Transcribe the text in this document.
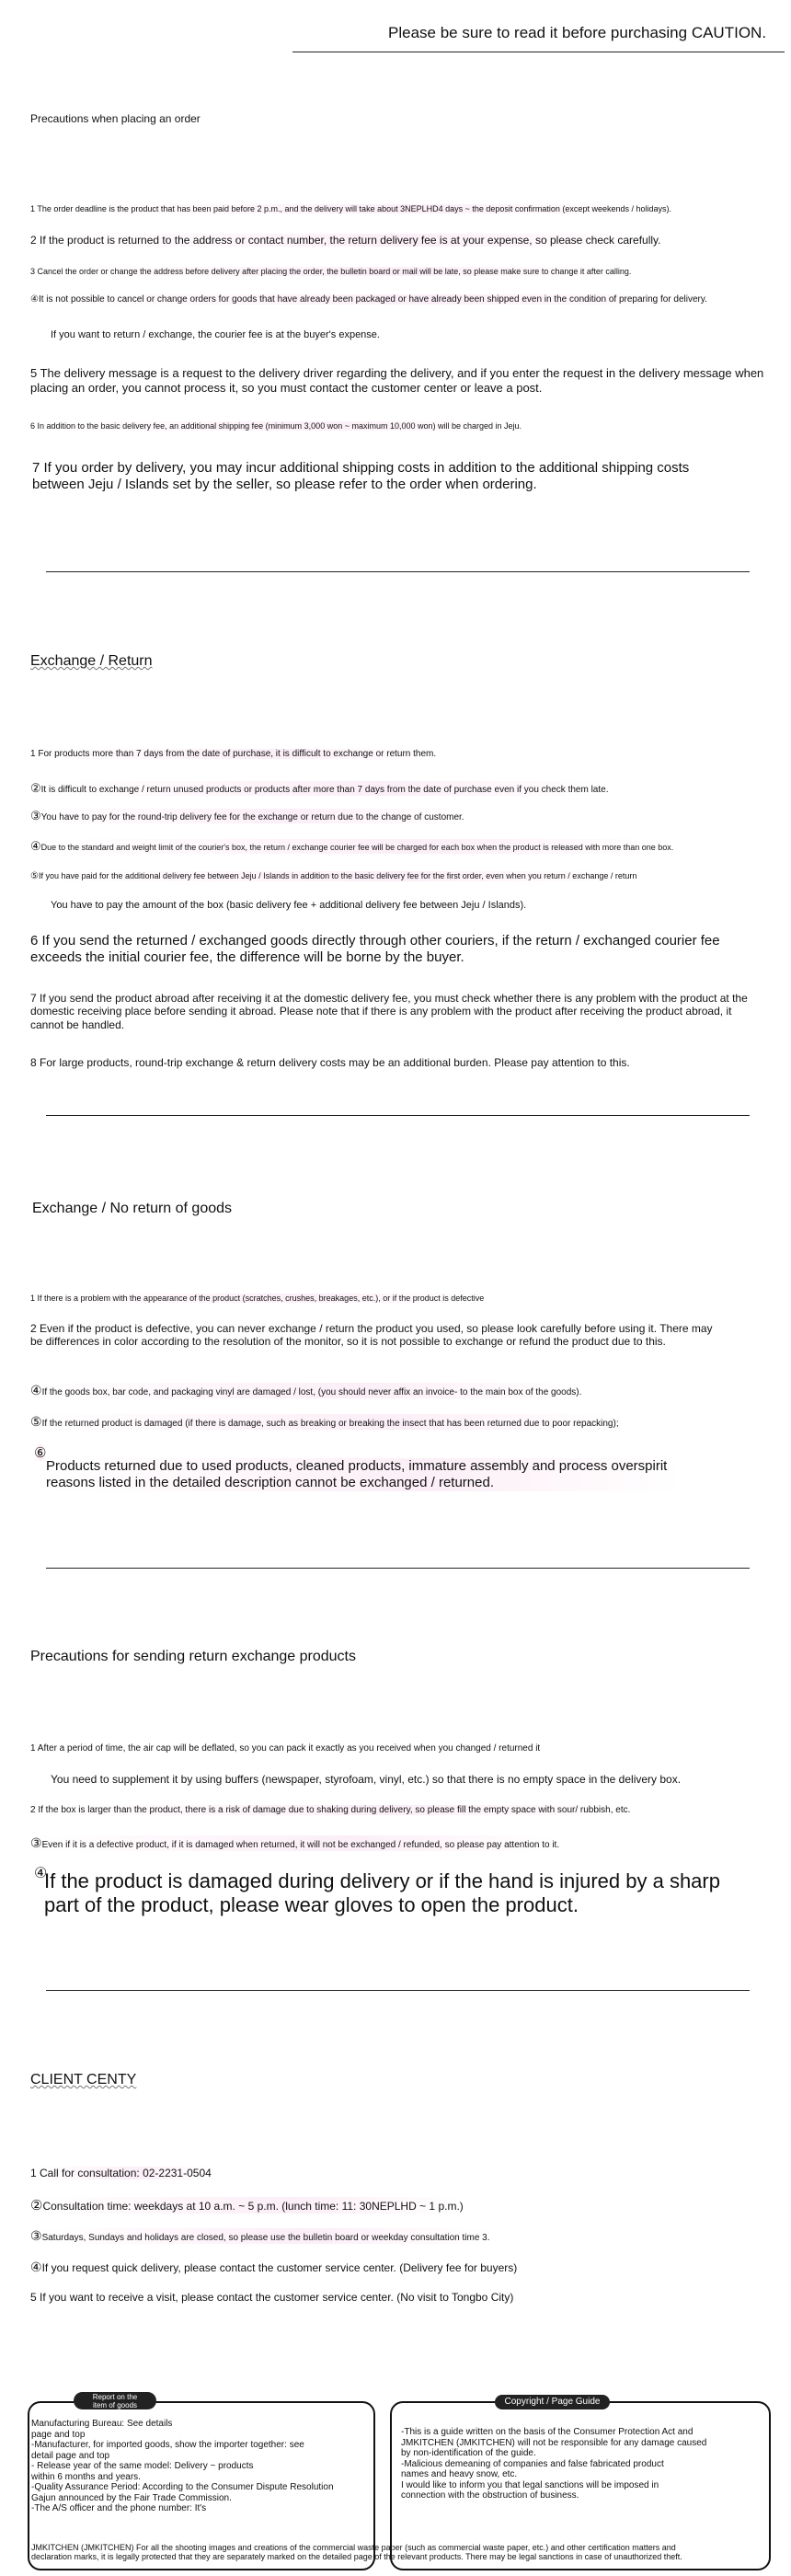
Please be sure to read it before purchasing CAUTION.
Precautions when placing an order
1 The order deadline is the product that has been paid before 2 p.m., and the delivery will take about 3NEPLHD4 days ~ the deposit confirmation (except weekends / holidays).
2 If the product is returned to the address or contact number, the return delivery fee is at your expense, so please check carefully.
3 Cancel the order or change the address before delivery after placing the order, the bulletin board or mail will be late, so please make sure to change it after calling.
④It is not possible to cancel or change orders for goods that have already been packaged or have already been shipped even in the condition of preparing for delivery.
If you want to return / exchange, the courier fee is at the buyer's expense.
5 The delivery message is a request to the delivery driver regarding the delivery, and if you enter the request in the delivery message when placing an order, you cannot process it, so you must contact the customer center or leave a post.
6 In addition to the basic delivery fee, an additional shipping fee (minimum 3,000 won ~ maximum 10,000 won) will be charged in Jeju.
7 If you order by delivery, you may incur additional shipping costs in addition to the additional shipping costs between Jeju / Islands set by the seller, so please refer to the order when ordering.
Exchange / Return
1 For products more than 7 days from the date of purchase, it is difficult to exchange or return them.
②It is difficult to exchange / return unused products or products after more than 7 days from the date of purchase even if you check them late.
③You have to pay for the round-trip delivery fee for the exchange or return due to the change of customer.
④Due to the standard and weight limit of the courier's box, the return / exchange courier fee will be charged for each box when the product is released with more than one box.
⑤If you have paid for the additional delivery fee between Jeju / Islands in addition to the basic delivery fee for the first order, even when you return / exchange / return
You have to pay the amount of the box (basic delivery fee + additional delivery fee between Jeju / Islands).
6 If you send the returned / exchanged goods directly through other couriers, if the return / exchanged courier fee exceeds the initial courier fee, the difference will be borne by the buyer.
7 If you send the product abroad after receiving it at the domestic delivery fee, you must check whether there is any problem with the product at the domestic receiving place before sending it abroad. Please note that if there is any problem with the product after receiving the product abroad, it cannot be handled.
8 For large products, round-trip exchange & return delivery costs may be an additional burden. Please pay attention to this.
Exchange / No return of goods
1 If there is a problem with the appearance of the product (scratches, crushes, breakages, etc.), or if the product is defective
2 Even if the product is defective, you can never exchange / return the product you used, so please look carefully before using it. There may be differences in color according to the resolution of the monitor, so it is not possible to exchange or refund the product due to this.
④If the goods box, bar code, and packaging vinyl are damaged / lost, (you should never affix an invoice- to the main box of the goods).
⑤If the returned product is damaged (if there is damage, such as breaking or breaking the insect that has been returned due to poor repacking);
⑥
Products returned due to used products, cleaned products, immature assembly and process overspirit reasons listed in the detailed description cannot be exchanged / returned.
Precautions for sending return exchange products
1 After a period of time, the air cap will be deflated, so you can pack it exactly as you received when you changed / returned it
You need to supplement it by using buffers (newspaper, styrofoam, vinyl, etc.) so that there is no empty space in the delivery box.
2 If the box is larger than the product, there is a risk of damage due to shaking during delivery, so please fill the empty space with sour/ rubbish, etc.
③Even if it is a defective product, if it is damaged when returned, it will not be exchanged / refunded, so please pay attention to it.
④
If the product is damaged during delivery or if the hand is injured by a sharp part of the product, please wear gloves to open the product.
CLIENT CENTY
1 Call for consultation: 02-2231-0504
②Consultation time: weekdays at 10 a.m. ~ 5 p.m. (lunch time: 11: 30NEPLHD ~ 1 p.m.)
③Saturdays, Sundays and holidays are closed, so please use the bulletin board or weekday consultation time 3.
④If you request quick delivery, please contact the customer service center. (Delivery fee for buyers)
5 If you want to receive a visit, please contact the customer service center. (No visit to Tongbo City)
Report on the
item of goods
Manufacturing Bureau: See details
page and top
-Manufacturer, for imported goods, show the importer together: see
detail page and top
- Release year of the same model: Delivery ~ products
within 6 months and years.
-Quality Assurance Period: According to the Consumer Dispute Resolution
Gajun announced by the Fair Trade Commission.
-The A/S officer and the phone number: It's
JMKITCHEN (JMKITCHEN) For all the shooting images and creations of the commercial waste paper (such as commercial waste paper, etc.) and other certification matters and
declaration marks, it is legally protected that they are separately marked on the detailed page of the relevant products. There may be legal sanctions in case of unauthorized theft.
Copyright / Page Guide
-This is a guide written on the basis of the Consumer Protection Act and
JMKITCHEN (JMKITCHEN) will not be responsible for any damage caused
by non-identification of the guide.
-Malicious demeaning of companies and false fabricated product
names and heavy snow, etc.
I would like to inform you that legal sanctions will be imposed in
connection with the obstruction of business.
